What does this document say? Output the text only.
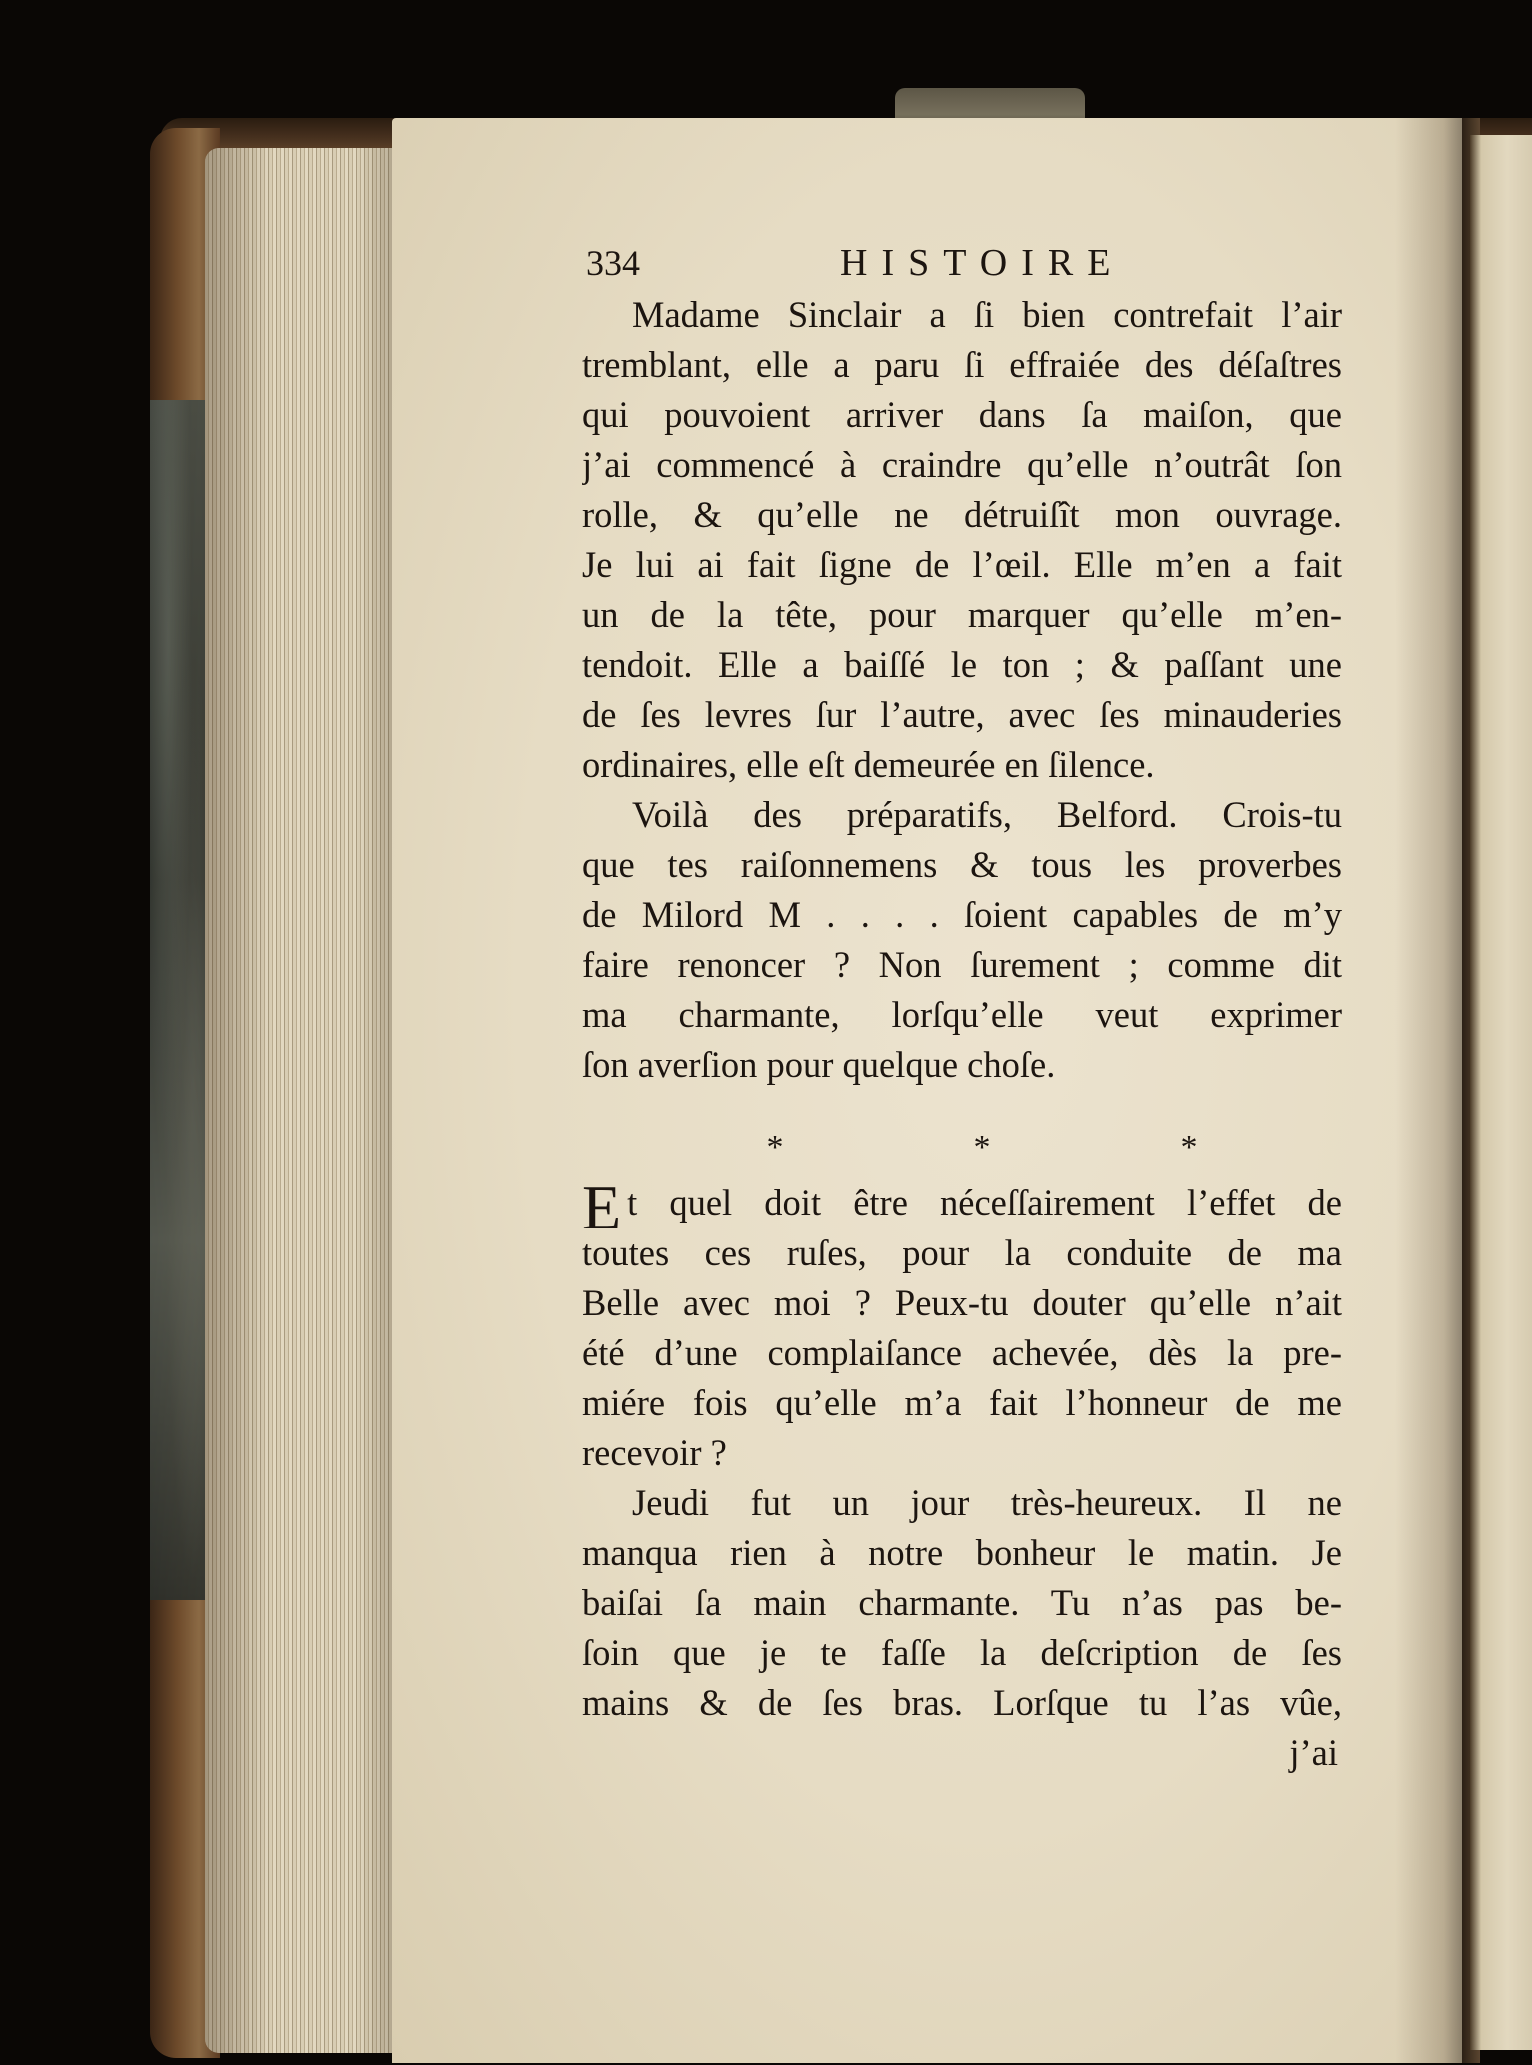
334	HISTOIRE
Madame Sinclair a ſi bien contrefait l’air
tremblant, elle a paru ſi effraiée des déſaſtres
qui pouvoient arriver dans ſa maiſon, que
j’ai commencé à craindre qu’elle n’outrât ſon
rolle, & qu’elle ne détruiſît mon ouvrage.
Je lui ai fait ſigne de l’œil. Elle m’en a fait
un de la tête, pour marquer qu’elle m’en-
tendoit. Elle a baiſſé le ton ; & paſſant une
de ſes levres ſur l’autre, avec ſes minauderies
ordinaires, elle eſt demeurée en ſilence.
Voilà des préparatifs, Belford. Crois-tu
que tes raiſonnemens & tous les proverbes
de Milord M . . . . ſoient capables de m’y
faire renoncer ? Non ſurement ; comme dit
ma charmante, lorſqu’elle veut exprimer
ſon averſion pour quelque choſe.
*	*	*
Et quel doit être néceſſairement l’effet de
toutes ces ruſes, pour la conduite de ma
Belle avec moi ? Peux-tu douter qu’elle n’ait
été d’une complaiſance achevée, dès la pre-
miére fois qu’elle m’a fait l’honneur de me
recevoir ?
Jeudi fut un jour très-heureux. Il ne
manqua rien à notre bonheur le matin. Je
baiſai ſa main charmante. Tu n’as pas be-
ſoin que je te faſſe la deſcription de ſes
mains & de ſes bras. Lorſque tu l’as vûe,
j’ai
